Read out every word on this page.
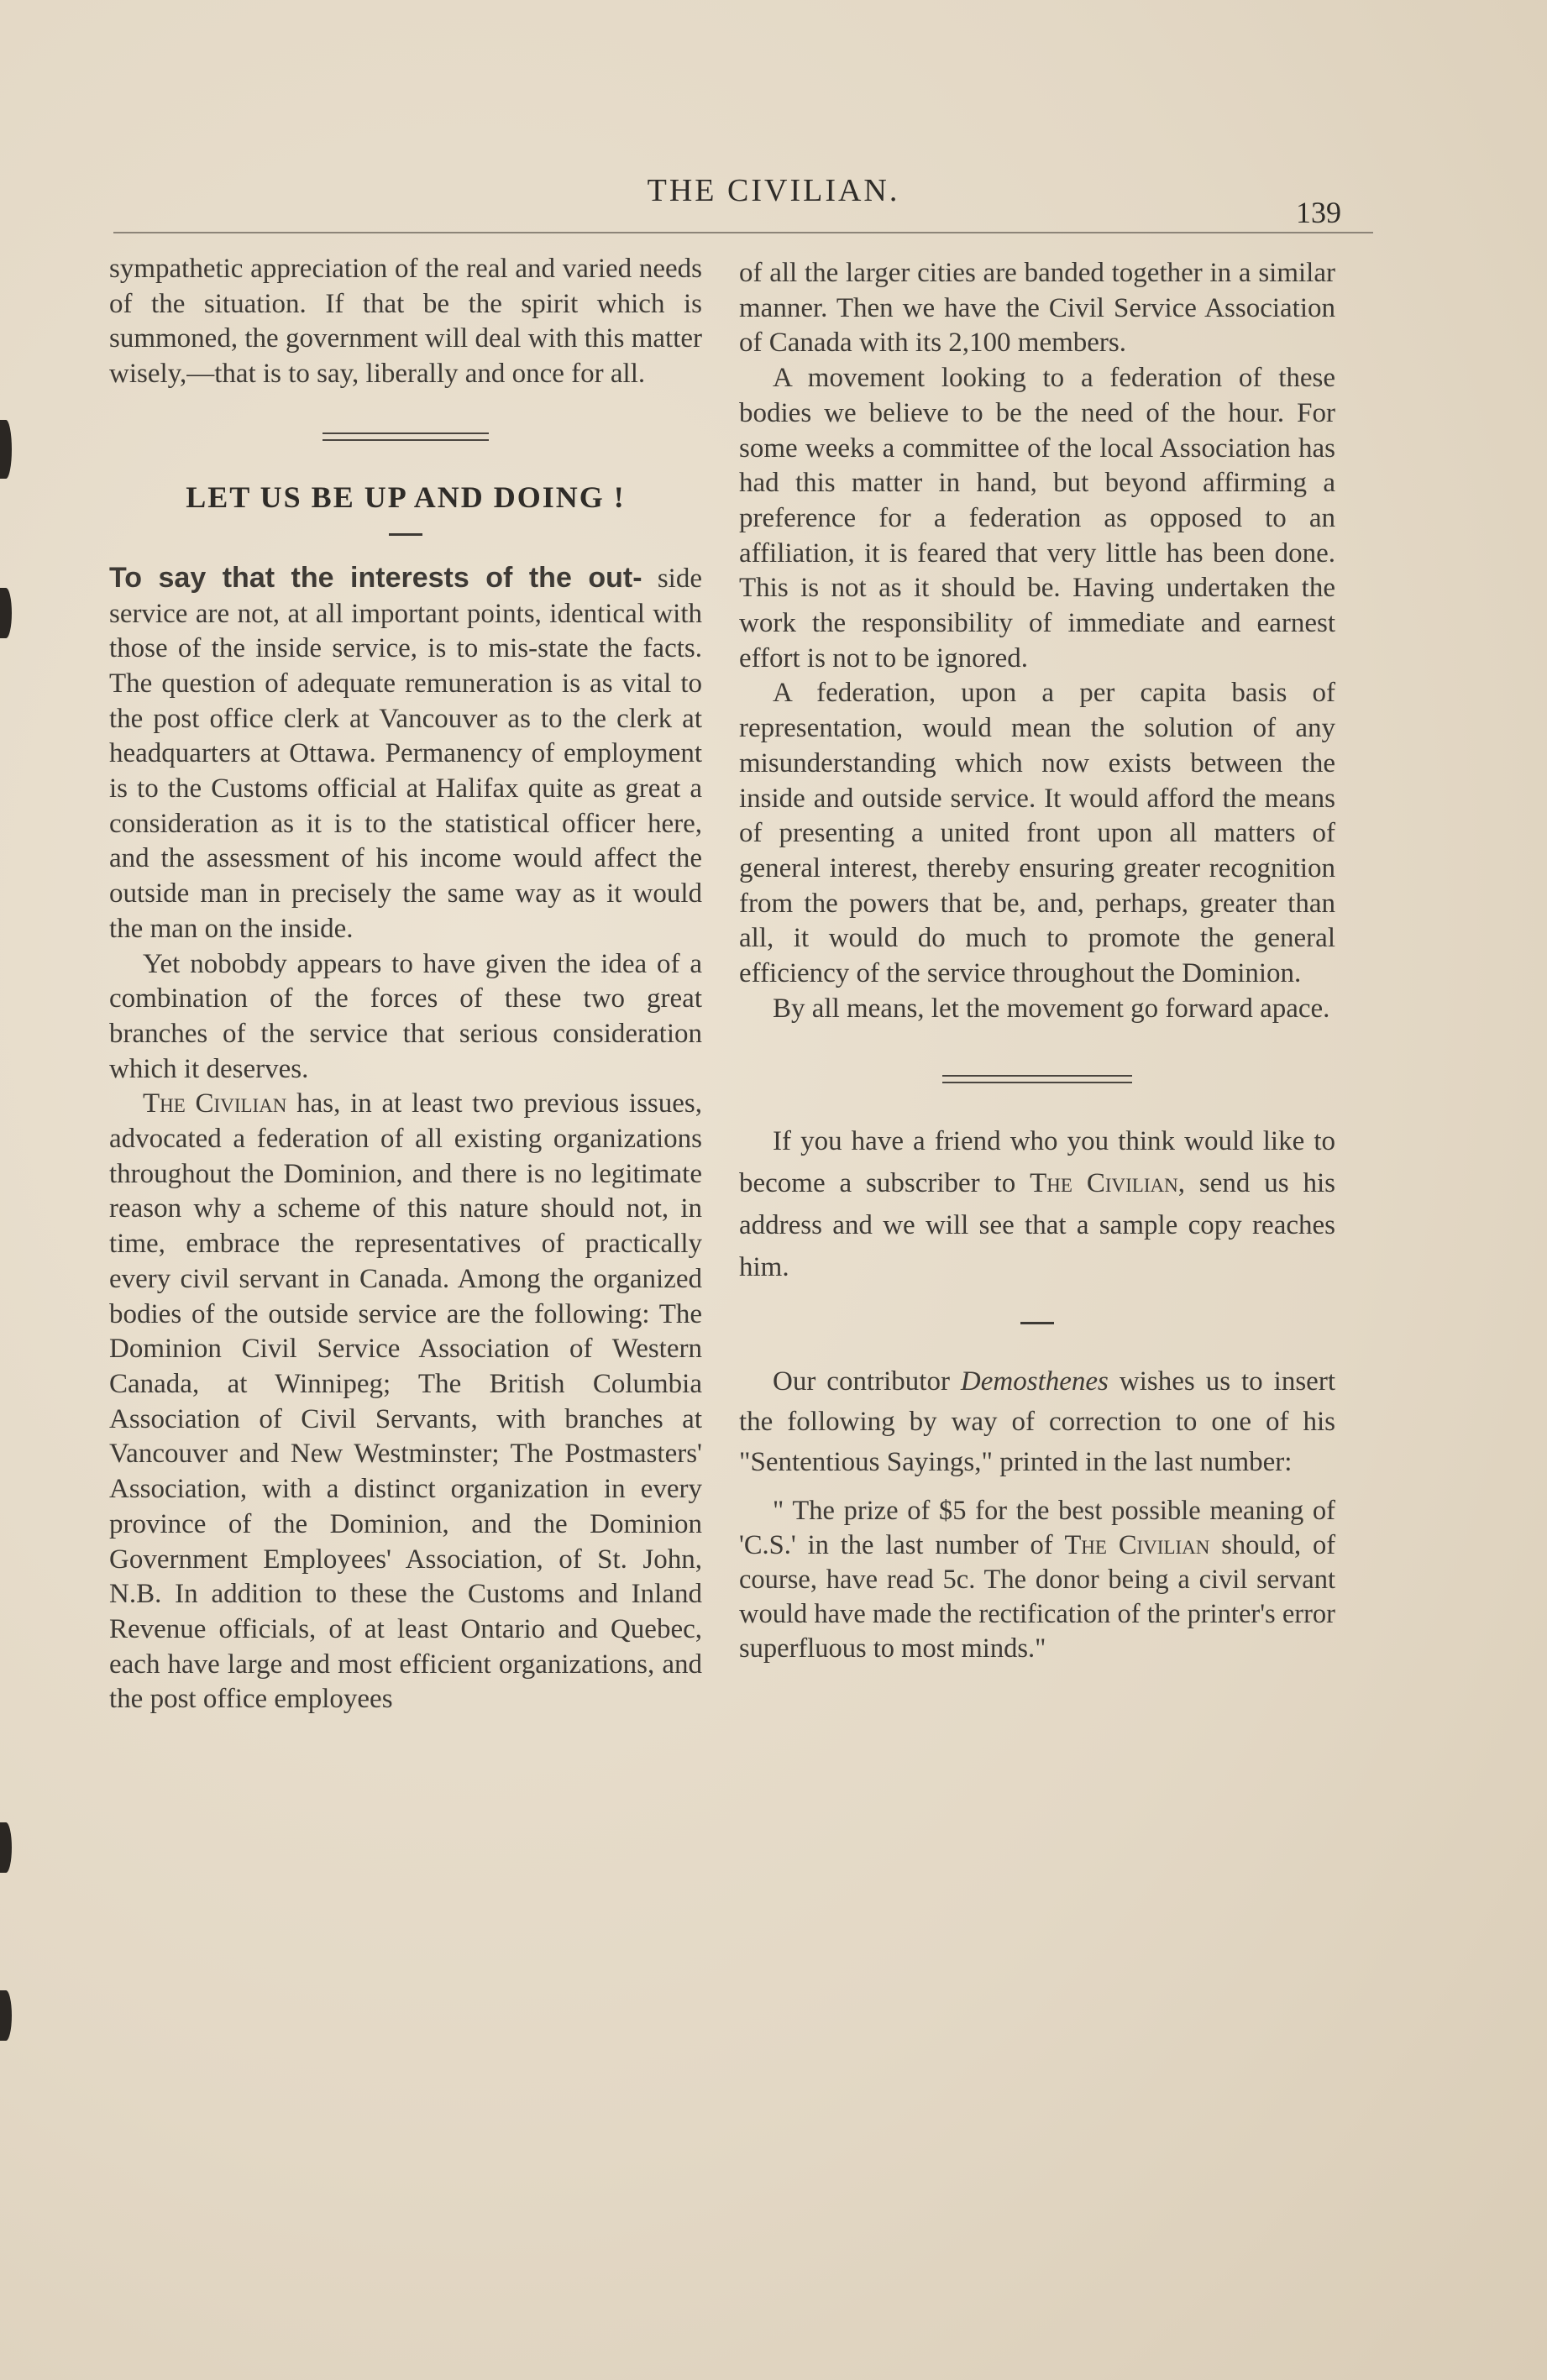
THE CIVILIAN.
139

sympathetic appreciation of the real and varied needs of the situation. If that be the spirit which is summoned, the government will deal with this matter wisely,—that is to say, liberally and once for all.

LET US BE UP AND DOING !

To say that the interests of the out- side service are not, at all important points, identical with those of the inside service, is to mis-state the facts. The question of adequate remuneration is as vital to the post office clerk at Vancouver as to the clerk at headquarters at Ottawa. Permanency of employment is to the Customs official at Halifax quite as great a consideration as it is to the statistical officer here, and the assessment of his income would affect the outside man in precisely the same way as it would the man on the inside.

Yet nobobdy appears to have given the idea of a combination of the forces of these two great branches of the service that serious consideration which it deserves.

The Civilian has, in at least two previous issues, advocated a federation of all existing organizations throughout the Dominion, and there is no legitimate reason why a scheme of this nature should not, in time, embrace the representatives of practically every civil servant in Canada. Among the organized bodies of the outside service are the following: The Dominion Civil Service Association of Western Canada, at Winnipeg; The British Columbia Association of Civil Servants, with branches at Vancouver and New Westminster; The Postmasters' Association, with a distinct organization in every province of the Dominion, and the Dominion Government Employees' Association, of St. John, N.B. In addition to these the Customs and Inland Revenue officials, of at least Ontario and Quebec, each have large and most efficient organizations, and the post office employees

of all the larger cities are banded together in a similar manner. Then we have the Civil Service Association of Canada with its 2,100 members.

A movement looking to a federation of these bodies we believe to be the need of the hour. For some weeks a committee of the local Association has had this matter in hand, but beyond affirming a preference for a federation as opposed to an affiliation, it is feared that very little has been done. This is not as it should be. Having undertaken the work the responsibility of immediate and earnest effort is not to be ignored.

A federation, upon a per capita basis of representation, would mean the solution of any misunderstanding which now exists between the inside and outside service. It would afford the means of presenting a united front upon all matters of general interest, thereby ensuring greater recognition from the powers that be, and, perhaps, greater than all, it would do much to promote the general efficiency of the service throughout the Dominion.

By all means, let the movement go forward apace.

If you have a friend who you think would like to become a subscriber to The Civilian, send us his address and we will see that a sample copy reaches him.

Our contributor Demosthenes wishes us to insert the following by way of correction to one of his "Sententious Sayings," printed in the last number:

" The prize of $5 for the best possible meaning of 'C.S.' in the last number of The Civilian should, of course, have read 5c. The donor being a civil servant would have made the rectification of the printer's error superfluous to most minds."
